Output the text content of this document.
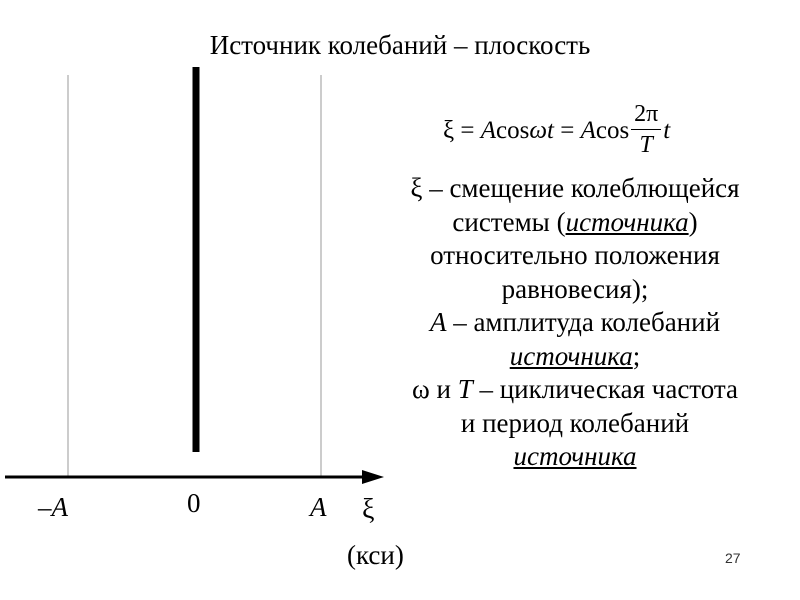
Источник колебаний – плоскость
–A	0	A ξ
(кси)
ξ = Acosωt = Acos $\frac{2\pi}{T}$ t
ξ – смещение колеблющейся
системы (источника)
относительно положения
равновесия);
A – амплитуда колебаний
источника;
ω и T – циклическая частота
и период колебаний
источника
27
